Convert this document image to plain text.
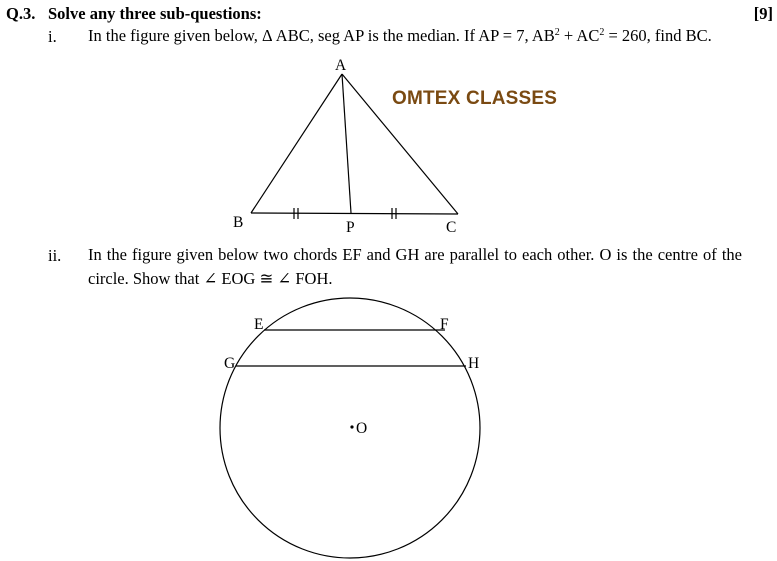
Q.3. Solve any three sub-questions:	[9]
i. In the figure given below, Δ ABC, seg AP is the median. If AP = 7, $AB^2 + AC^2 = 260$, find BC.
OMTEX CLASSES
A
B	P	C
ii. In the figure given below two chords EF and GH are parallel to each other. O is the centre of the circle. Show that ∠ EOG ≅ ∠ FOH.
E	F
G	H
O
